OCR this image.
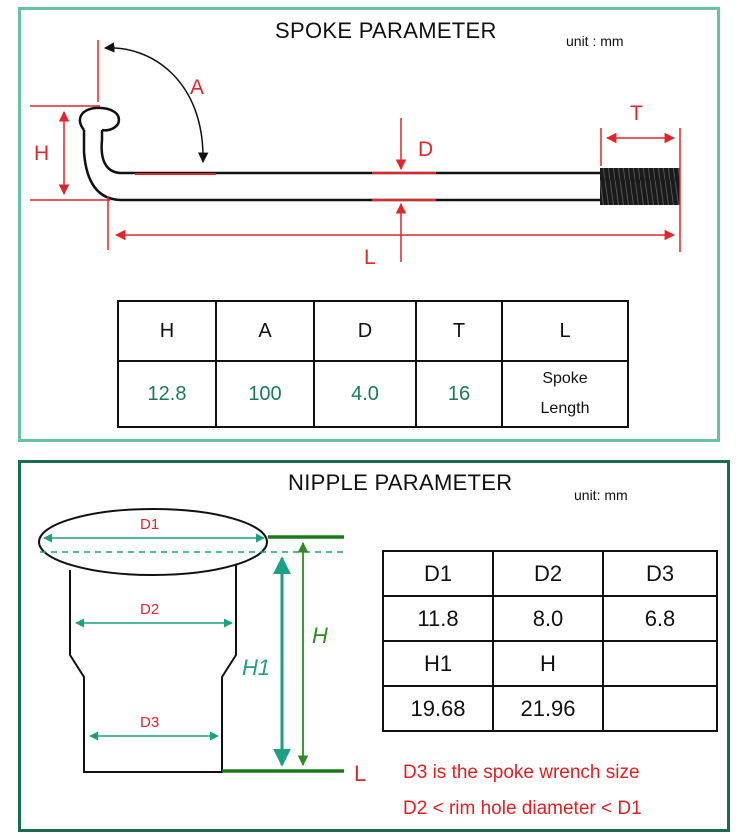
SPOKE PARAMETER	unit : mm
A
H	D
T
L
H	A	D	T	L
12.8	100	4.0	16	Spoke
Length
NIPPLE PARAMETER	unit: mm
D1
D2
D3
H1
H
L
D1	D2	D3
11.8	8.0	6.8
H1	H	
19.68	21.96	
D3 is the spoke wrench size
D2 < rim hole diameter < D1
